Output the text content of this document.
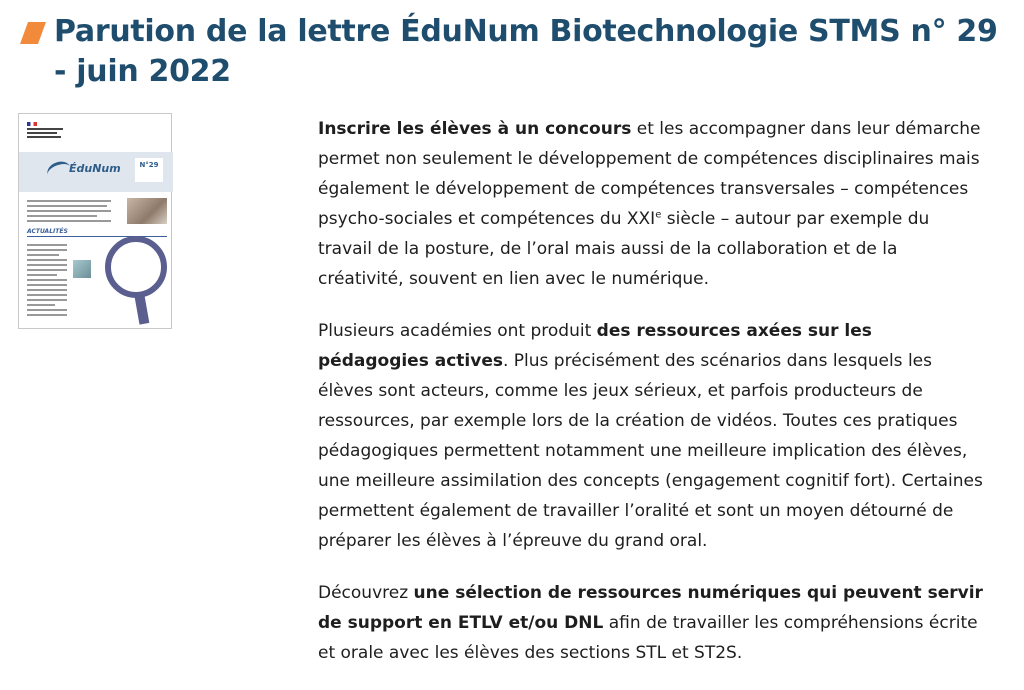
Parution de la lettre ÉduNum Biotechnologie STMS n° 29 - juin 2022
ÉduNum	N°29
ACTUALITÉS

Inscrire les élèves à un concours et les accompagner dans leur démarche permet non seulement le développement de compétences disciplinaires mais également le développement de compétences transversales – compétences psycho-sociales et compétences du XXIe siècle – autour par exemple du travail de la posture, de l’oral mais aussi de la collaboration et de la créativité, souvent en lien avec le numérique.

Plusieurs académies ont produit des ressources axées sur les pédagogies actives. Plus précisément des scénarios dans lesquels les élèves sont acteurs, comme les jeux sérieux, et parfois producteurs de ressources, par exemple lors de la création de vidéos. Toutes ces pratiques pédagogiques permettent notamment une meilleure implication des élèves, une meilleure assimilation des concepts (engagement cognitif fort). Certaines permettent également de travailler l’oralité et sont un moyen détourné de préparer les élèves à l’épreuve du grand oral.

Découvrez une sélection de ressources numériques qui peuvent servir de support en ETLV et/ou DNL afin de travailler les compréhensions écrite et orale avec les élèves des sections STL et ST2S.
